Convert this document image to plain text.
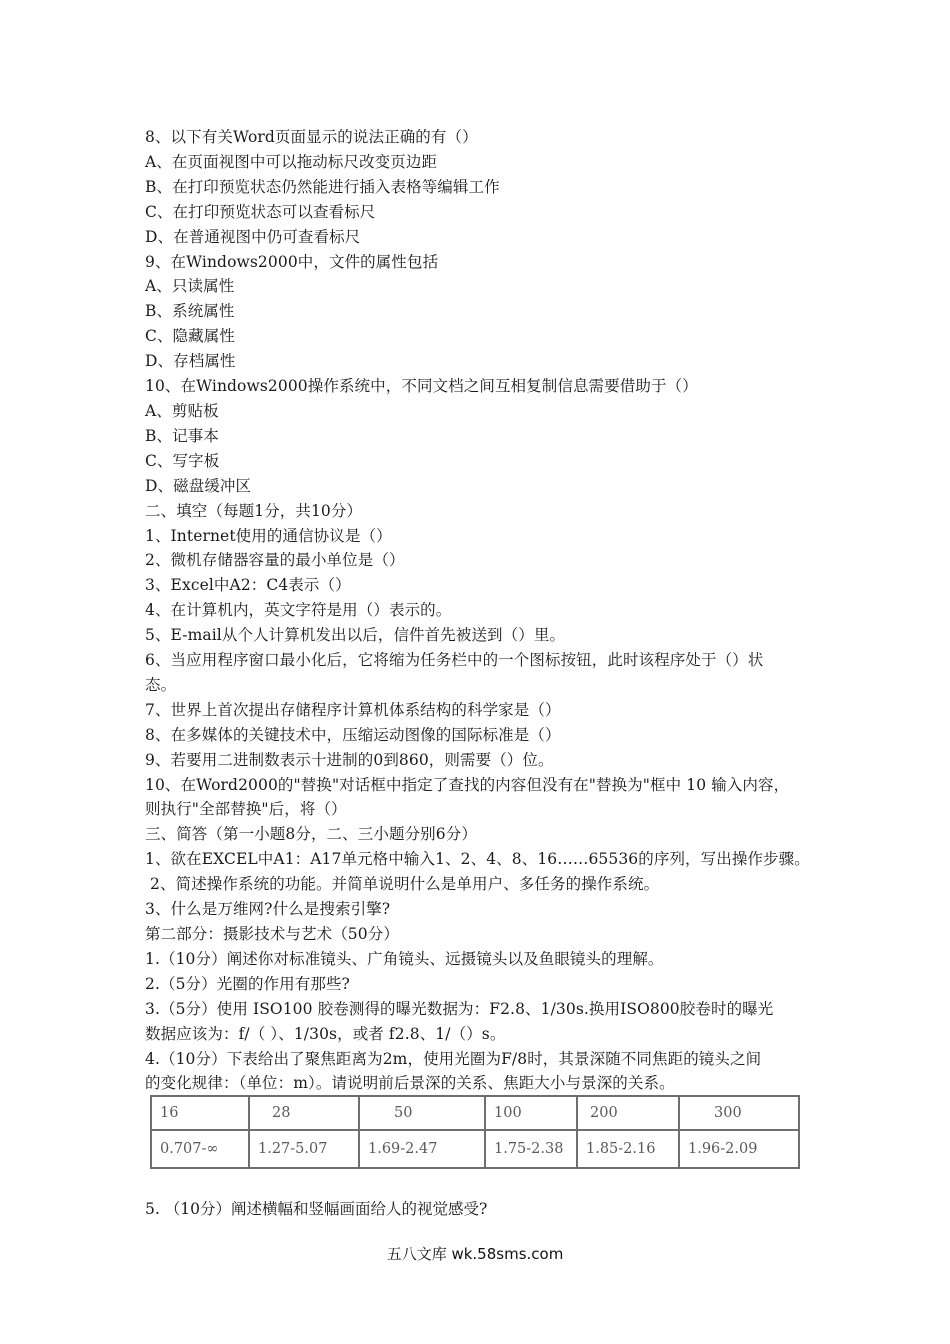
8、以下有关Word页面显示的说法正确的有（）
A、在页面视图中可以拖动标尺改变页边距
B、在打印预览状态仍然能进行插入表格等编辑工作
C、在打印预览状态可以查看标尺
D、在普通视图中仍可查看标尺
9、在Windows2000中，文件的属性包括
A、只读属性
B、系统属性
C、隐藏属性
D、存档属性
10、在Windows2000操作系统中，不同文档之间互相复制信息需要借助于（）
A、剪贴板
B、记事本
C、写字板
D、磁盘缓冲区
二、填空（每题1分，共10分）
1、Internet使用的通信协议是（）
2、微机存储器容量的最小单位是（）
3、Excel中A2：C4表示（）
4、在计算机内，英文字符是用（）表示的。
5、E-mail从个人计算机发出以后，信件首先被送到（）里。
6、当应用程序窗口最小化后，它将缩为任务栏中的一个图标按钮，此时该程序处于（）状
态。
7、世界上首次提出存储程序计算机体系结构的科学家是（）
8、在多媒体的关键技术中，压缩运动图像的国际标准是（）
9、若要用二进制数表示十进制的0到860，则需要（）位。
10、在Word2000的"替换"对话框中指定了查找的内容但没有在"替换为"框中 10 输入内容，
则执行"全部替换"后，将（）
三、简答（第一小题8分，二、三小题分别6分）
1、欲在EXCEL中A1：A17单元格中输入1、2、4、8、16……65536的序列，写出操作步骤。
2、简述操作系统的功能。并简单说明什么是单用户、多任务的操作系统。
3、什么是万维网?什么是搜索引擎?
第二部分：摄影技术与艺术（50分）
1.（10分）阐述你对标准镜头、广角镜头、远摄镜头以及鱼眼镜头的理解。
2.（5分）光圈的作用有那些?
3.（5分）使用 ISO100 胶卷测得的曝光数据为：F2.8、1/30s.换用ISO800胶卷时的曝光
数据应该为：f/（ ）、1/30s，或者 f2.8、1/（）s。
4.（10分）下表给出了聚焦距离为2m，使用光圈为F/8时，其景深随不同焦距的镜头之间
的变化规律：（单位：m）。请说明前后景深的关系、焦距大小与景深的关系。
16	28	50	100	200	300
0.707-∞	1.27-5.07	1.69-2.47	1.75-2.38	1.85-2.16	1.96-2.09
5. （10分）阐述横幅和竖幅画面给人的视觉感受?
五八文库 wk.58sms.com
